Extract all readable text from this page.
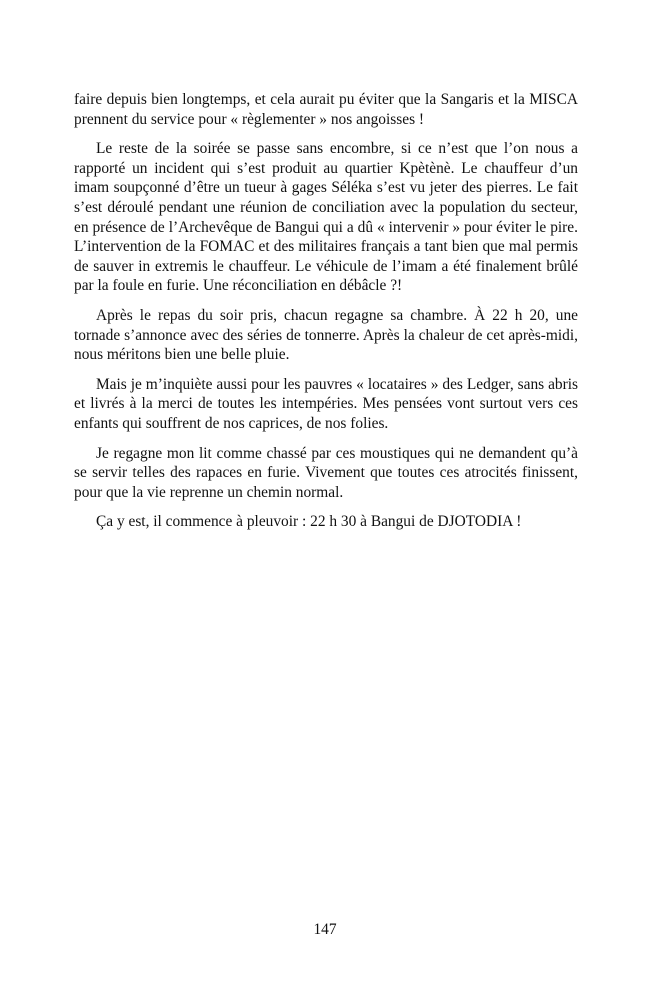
faire depuis bien longtemps, et cela aurait pu éviter que la Sangaris et la MISCA prennent du service pour « règlementer » nos angoisses !

Le reste de la soirée se passe sans encombre, si ce n’est que l’on nous a rapporté un incident qui s’est produit au quartier Kpètènè. Le chauffeur d’un imam soupçonné d’être un tueur à gages Séléka s’est vu jeter des pierres. Le fait s’est déroulé pendant une réunion de conciliation avec la population du secteur, en présence de l’Archevêque de Bangui qui a dû « intervenir » pour éviter le pire. L’intervention de la FOMAC et des militaires français a tant bien que mal permis de sauver in extremis le chauffeur. Le véhicule de l’imam a été finalement brûlé par la foule en furie. Une réconciliation en débâcle ?!

Après le repas du soir pris, chacun regagne sa chambre. À 22 h 20, une tornade s’annonce avec des séries de tonnerre. Après la chaleur de cet après-midi, nous méritons bien une belle pluie.

Mais je m’inquiète aussi pour les pauvres « locataires » des Ledger, sans abris et livrés à la merci de toutes les intempéries. Mes pensées vont surtout vers ces enfants qui souffrent de nos caprices, de nos folies.

Je regagne mon lit comme chassé par ces moustiques qui ne demandent qu’à se servir telles des rapaces en furie. Vivement que toutes ces atrocités finissent, pour que la vie reprenne un chemin normal.

Ça y est, il commence à pleuvoir : 22 h 30 à Bangui de DJOTODIA !

147
